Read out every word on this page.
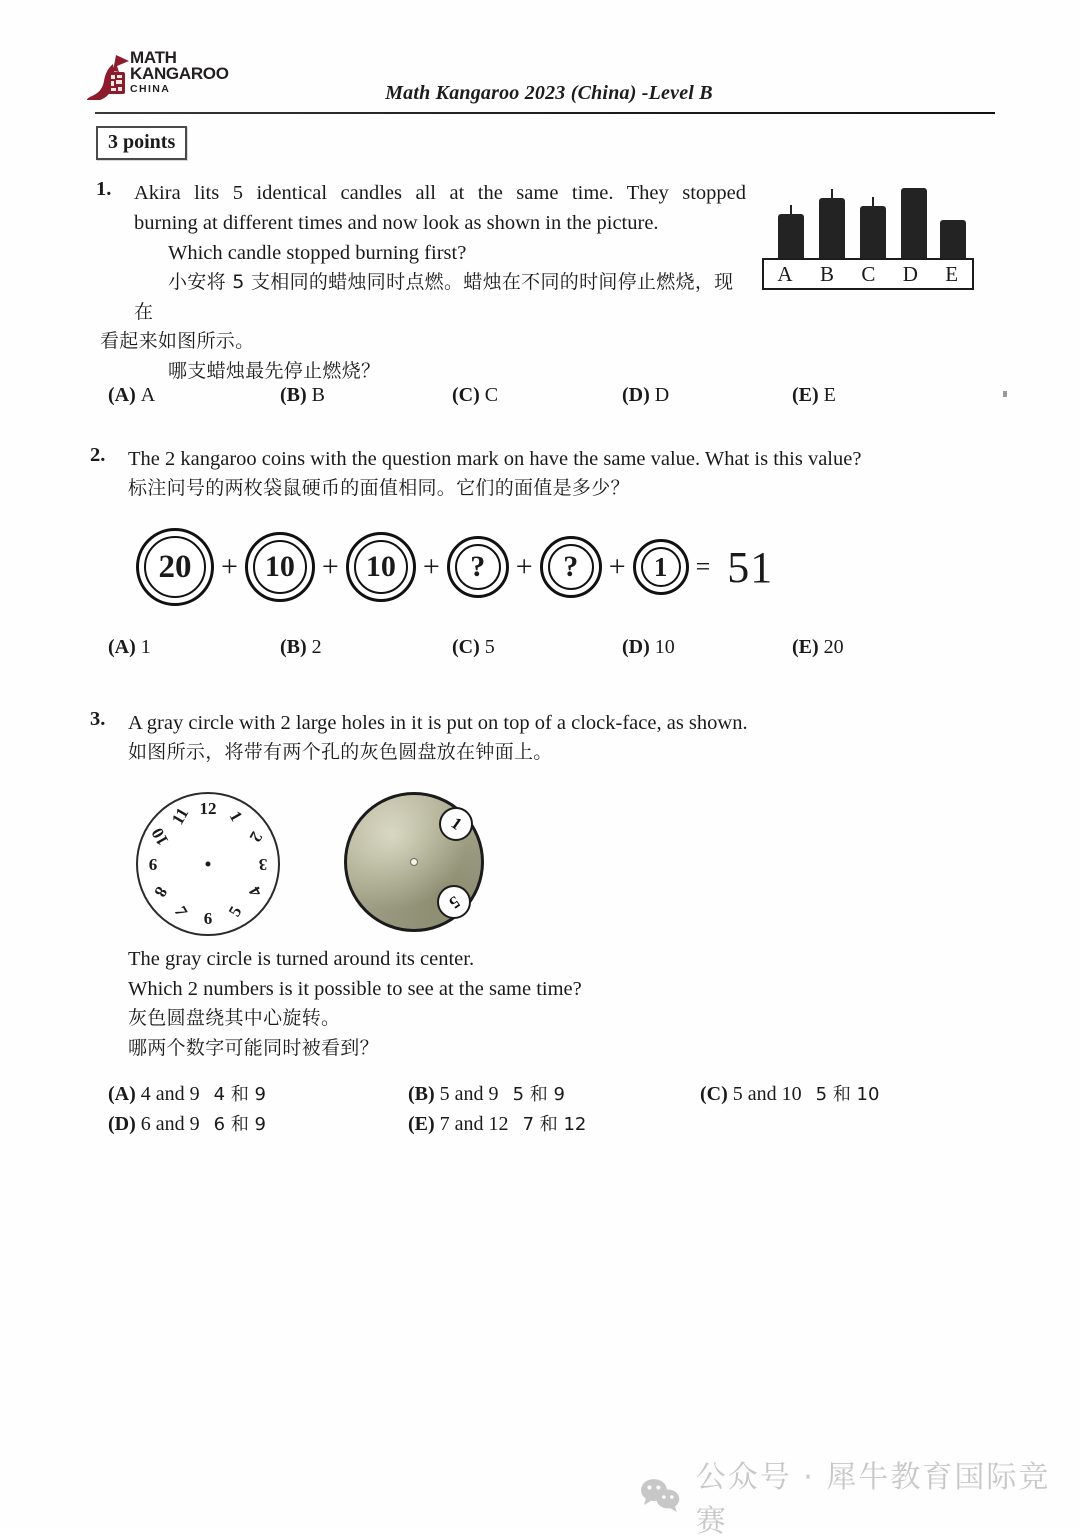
MATH
KANGAROO
CHINA	Math Kangaroo 2023 (China) -Level B
3 points
1. Akira lits 5 identical candles all at the same time. They stopped
burning at different times and now look as shown in the picture.
Which candle stopped burning first?
小安将 5 支相同的蜡烛同时点燃。蜡烛在不同的时间停止燃烧，现在
看起来如图所示。
哪支蜡烛最先停止燃烧？
A B C D E
(A) A	(B) B	(C) C	(D) D	(E) E
2. The 2 kangaroo coins with the question mark on have the same value. What is this value?
标注问号的两枚袋鼠硬币的面值相同。它们的面值是多少？
20 + 10 + 10 + ? + ? + 1 = 51
(A) 1	(B) 2	(C) 5	(D) 10	(E) 20
3. A gray circle with 2 large holes in it is put on top of a clock-face, as shown.
如图所示，将带有两个孔的灰色圆盘放在钟面上。
1
2
3
4
5
6
7
8
9
10
11 12
1
5
The gray circle is turned around its center.
Which 2 numbers is it possible to see at the same time?
灰色圆盘绕其中心旋转。
哪两个数字可能同时被看到？
(A) 4 and 9 4 和 9	(B) 5 and 9 5 和 9	(C) 5 and 10 5 和 10
(D) 6 and 9 6 和 9	(E) 7 and 12 7 和 12
公众号 · 犀牛教育国际竞赛
